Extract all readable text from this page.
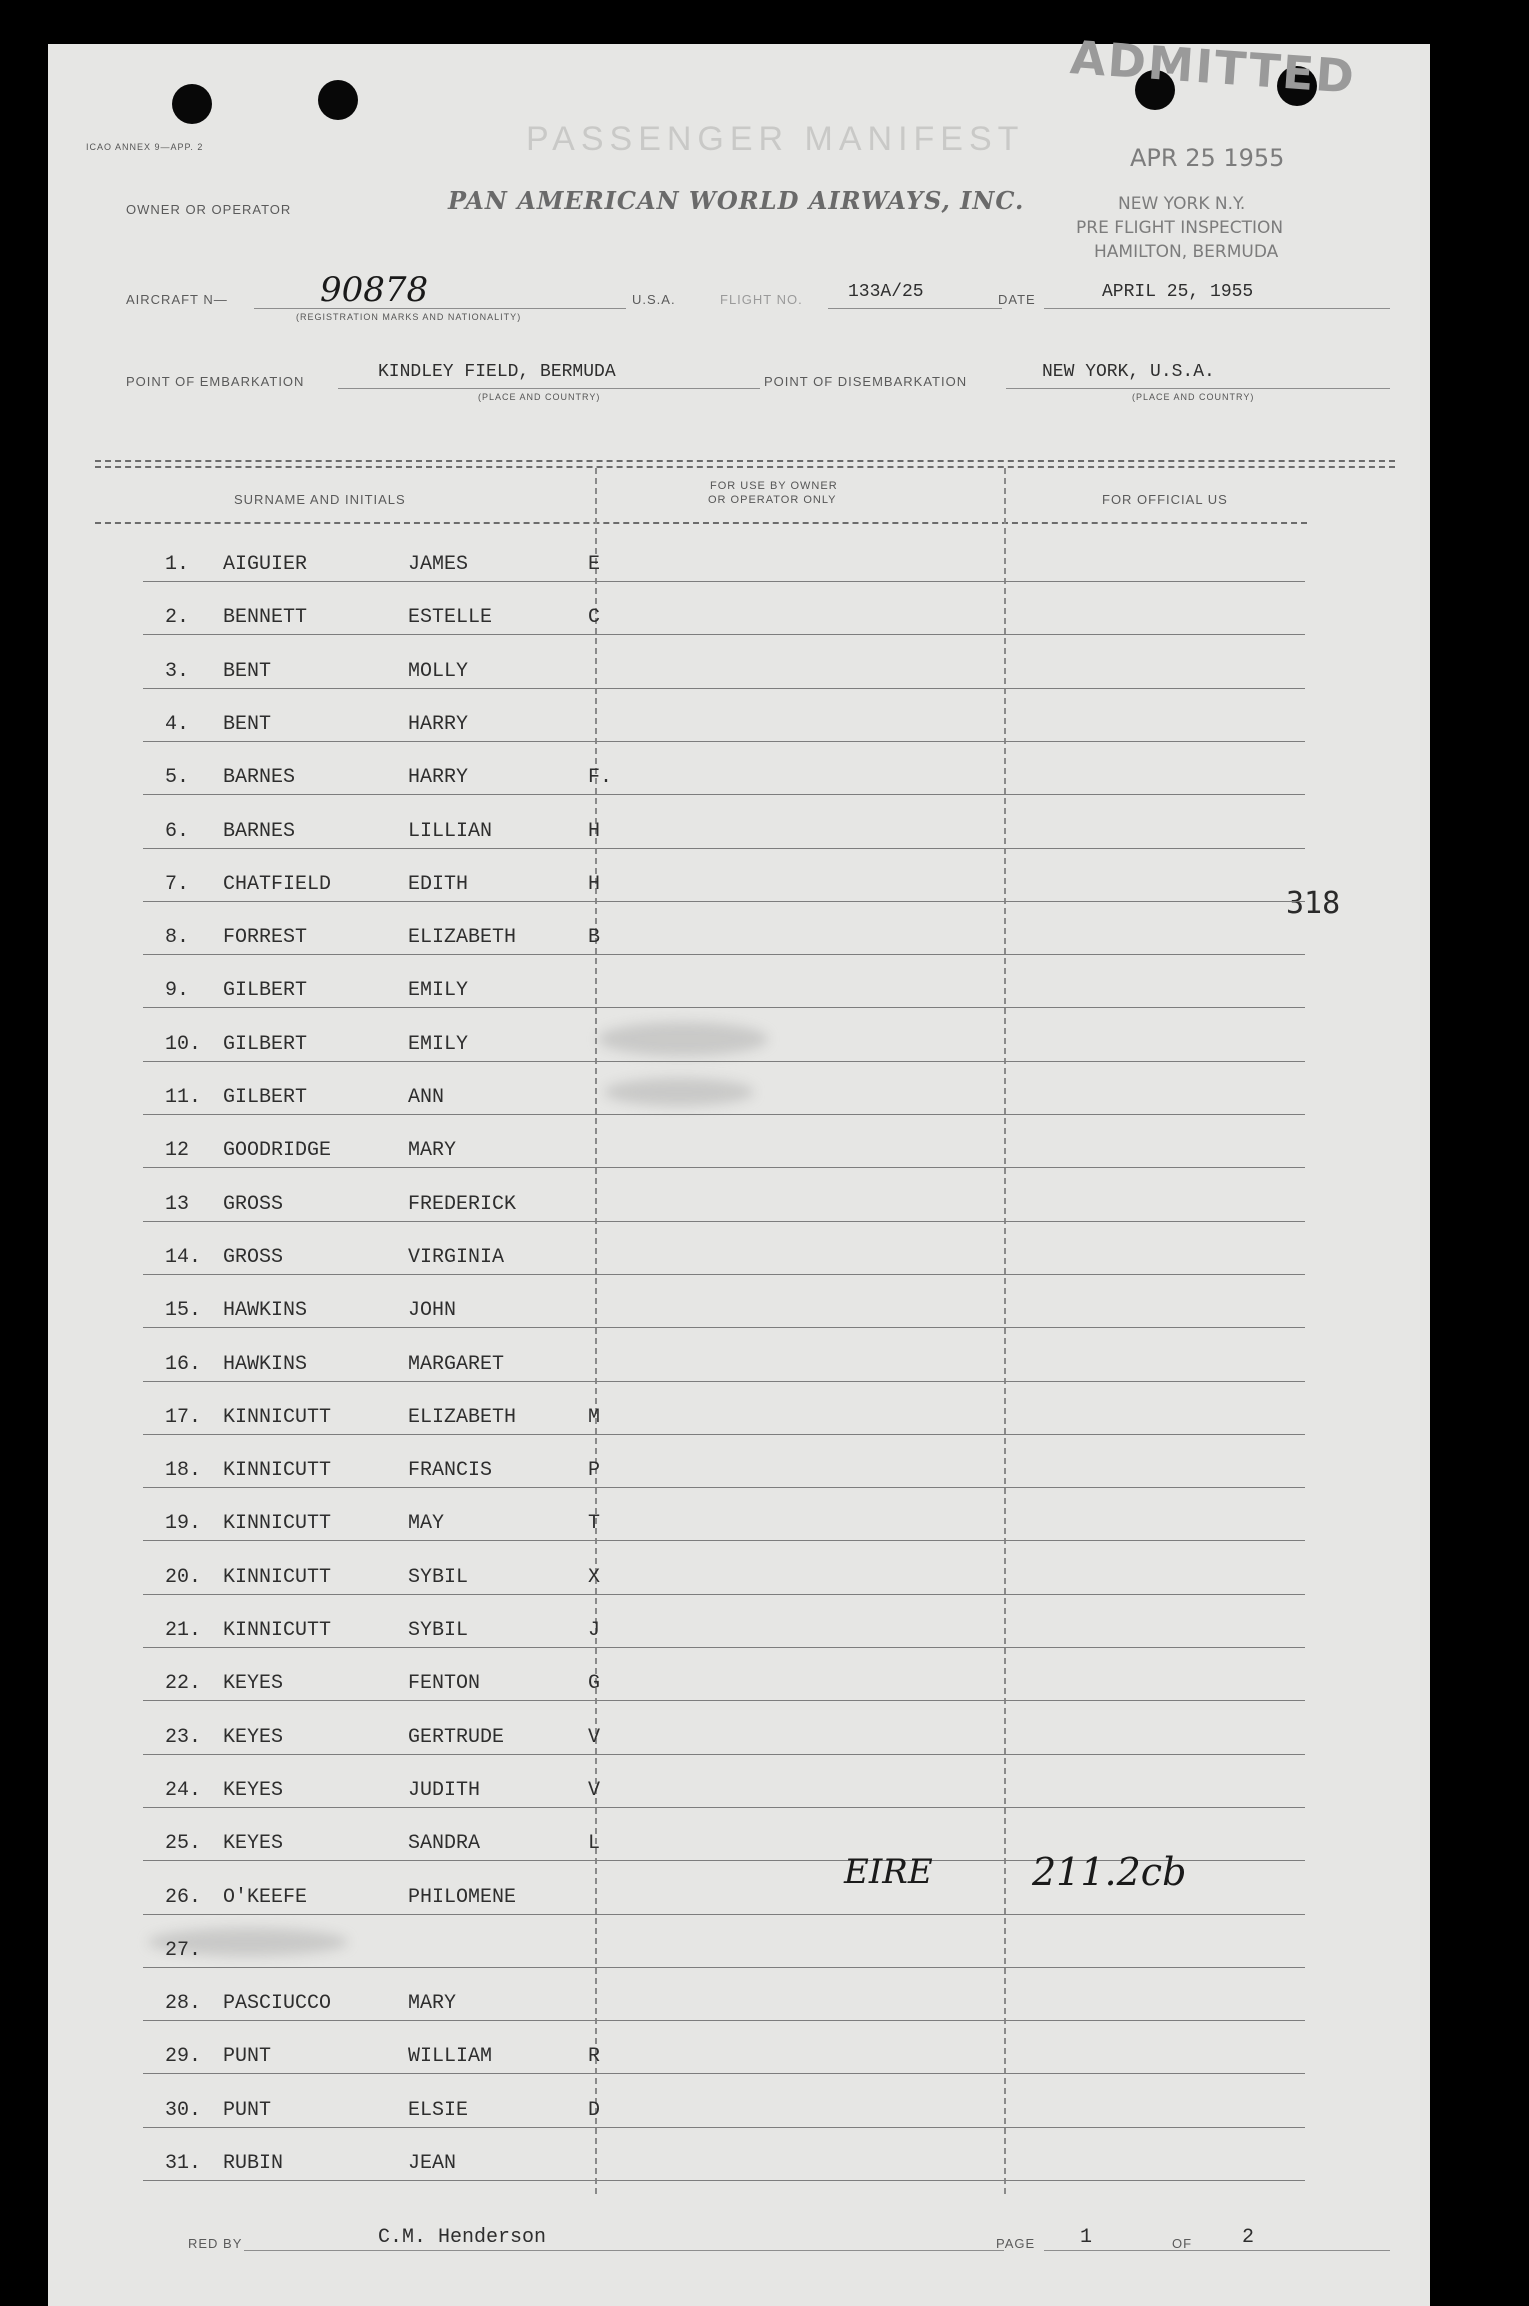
ICAO ANNEX 9—APP. 2	PASSENGER MANIFEST
ADMITTED
APR 25 1955
NEW YORK N.Y.
PRE FLIGHT INSPECTION
HAMILTON, BERMUDA
OWNER OR OPERATOR	PAN AMERICAN WORLD AIRWAYS, INC.
AIRCRAFT N—	90878
(REGISTRATION MARKS AND NATIONALITY)
U.S.A.	FLIGHT NO.	133A/25	DATE	APRIL 25, 1955
POINT OF EMBARKATION	KINDLEY FIELD, BERMUDA
(PLACE AND COUNTRY)
POINT OF DISEMBARKATION	NEW YORK, U.S.A.
(PLACE AND COUNTRY)
SURNAME AND INITIALS
FOR USE BY OWNER
OR OPERATOR ONLY	FOR OFFICIAL US
318
1. AIGUIER	JAMES	E
2. BENNETT	ESTELLE	C
3. BENT	MOLLY
4. BENT	HARRY
5. BARNES	HARRY	F.
6. BARNES	LILLIAN	H
7. CHATFIELD	EDITH	H
8. FORREST	ELIZABETH	B
9. GILBERT	EMILY
10. GILBERT	EMILY
11. GILBERT	ANN
12 GOODRIDGE	MARY
13 GROSS	FREDERICK
14. GROSS	VIRGINIA
15. HAWKINS	JOHN
16. HAWKINS	MARGARET
17. KINNICUTT	ELIZABETH	M
18. KINNICUTT	FRANCIS	P
19. KINNICUTT	MAY	T
20. KINNICUTT	SYBIL	X
21. KINNICUTT	SYBIL	J
22. KEYES	FENTON	G
23. KEYES	GERTRUDE	V
24. KEYES	JUDITH	V
25. KEYES	SANDRA	L
26. O'KEEFE	PHILOMENE
27.
28. PASCIUCCO	MARY
29. PUNT	WILLIAM	R
30. PUNT	ELSIE	D
31. RUBIN	JEAN
EIRE	211.2cb
RED BY	C.M. Henderson	PAGE 1	OF 2
